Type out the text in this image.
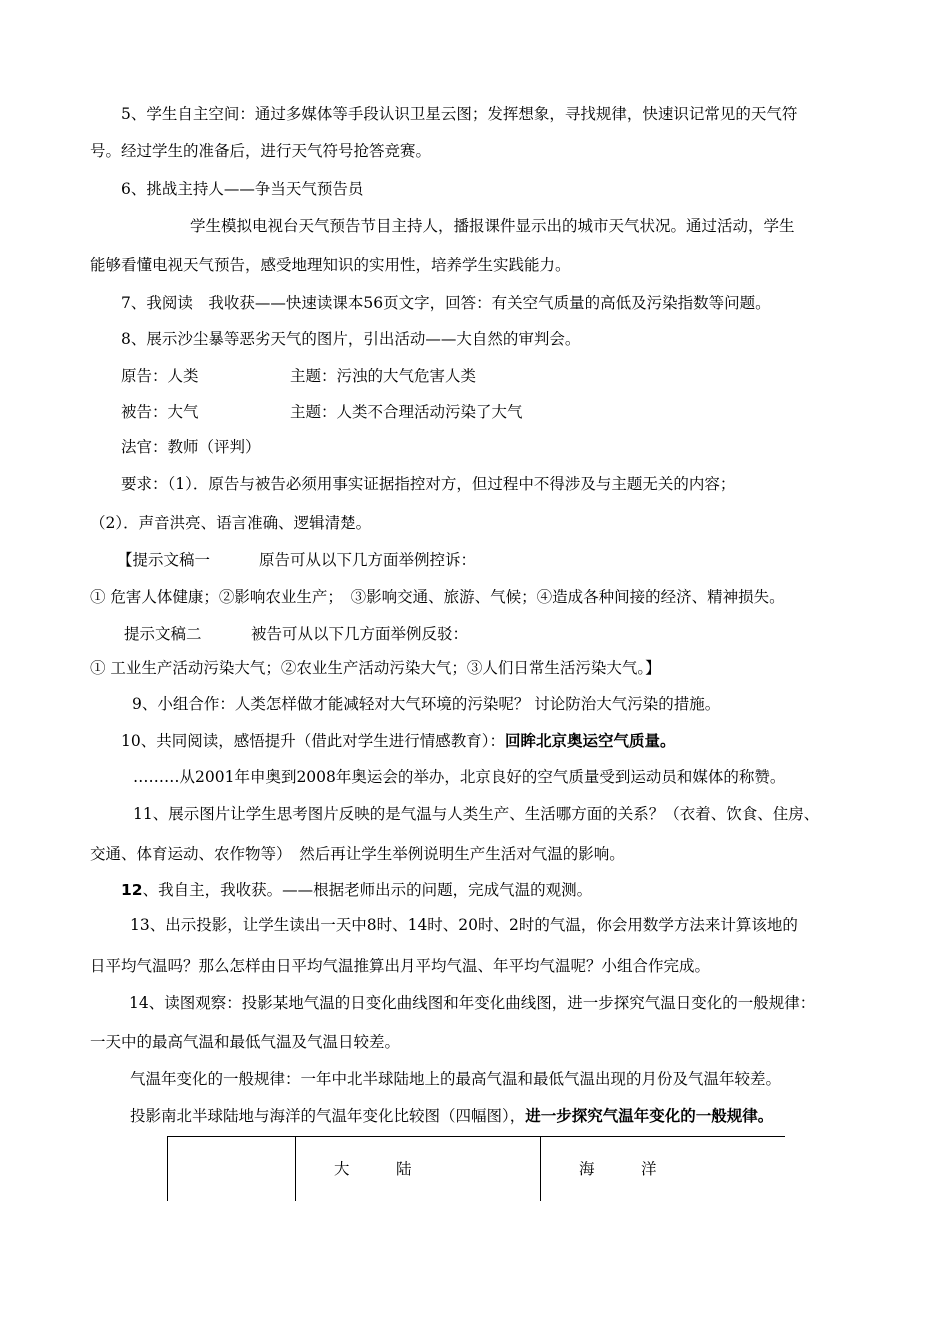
5、学生自主空间：通过多媒体等手段认识卫星云图；发挥想象，寻找规律，快速识记常见的天气符
号。经过学生的准备后，进行天气符号抢答竞赛。
6、挑战主持人——争当天气预告员
学生模拟电视台天气预告节目主持人，播报课件显示出的城市天气状况。通过活动，学生
能够看懂电视天气预告，感受地理知识的实用性，培养学生实践能力。
7、我阅读　我收获——快速读课本56页文字，回答：有关空气质量的高低及污染指数等问题。
8、展示沙尘暴等恶劣天气的图片，引出活动——大自然的审判会。
原告：人类	主题：污浊的大气危害人类
被告：大气	主题：人类不合理活动污染了大气
法官：教师（评判）
要求：（1）．原告与被告必须用事实证据指控对方，但过程中不得涉及与主题无关的内容；
（2）．声音洪亮、语言准确、逻辑清楚。
【提示文稿一	原告可从以下几方面举例控诉：
① 危害人体健康；②影响农业生产；　③影响交通、旅游、气候；④造成各种间接的经济、精神损失。
提示文稿二	被告可从以下几方面举例反驳：
① 工业生产活动污染大气；②农业生产活动污染大气；③人们日常生活污染大气。】
9、小组合作：人类怎样做才能减轻对大气环境的污染呢？ 讨论防治大气污染的措施。
10、共同阅读，感悟提升（借此对学生进行情感教育）：回眸北京奥运空气质量。
………从2001年申奥到2008年奥运会的举办，北京良好的空气质量受到运动员和媒体的称赞。
11、展示图片让学生思考图片反映的是气温与人类生产、生活哪方面的关系？（衣着、饮食、住房、
交通、体育运动、农作物等）　然后再让学生举例说明生产生活对气温的影响。
12、我自主，我收获。——根据老师出示的问题，完成气温的观测。
13、出示投影，让学生读出一天中8时、14时、20时、2时的气温，你会用数学方法来计算该地的
日平均气温吗？那么怎样由日平均气温推算出月平均气温、年平均气温呢？小组合作完成。
14、读图观察：投影某地气温的日变化曲线图和年变化曲线图，进一步探究气温日变化的一般规律：
一天中的最高气温和最低气温及气温日较差。
气温年变化的一般规律：一年中北半球陆地上的最高气温和最低气温出现的月份及气温年较差。
投影南北半球陆地与海洋的气温年变化比较图（四幅图），进一步探究气温年变化的一般规律。
	大　　　陆	海　　　洋
